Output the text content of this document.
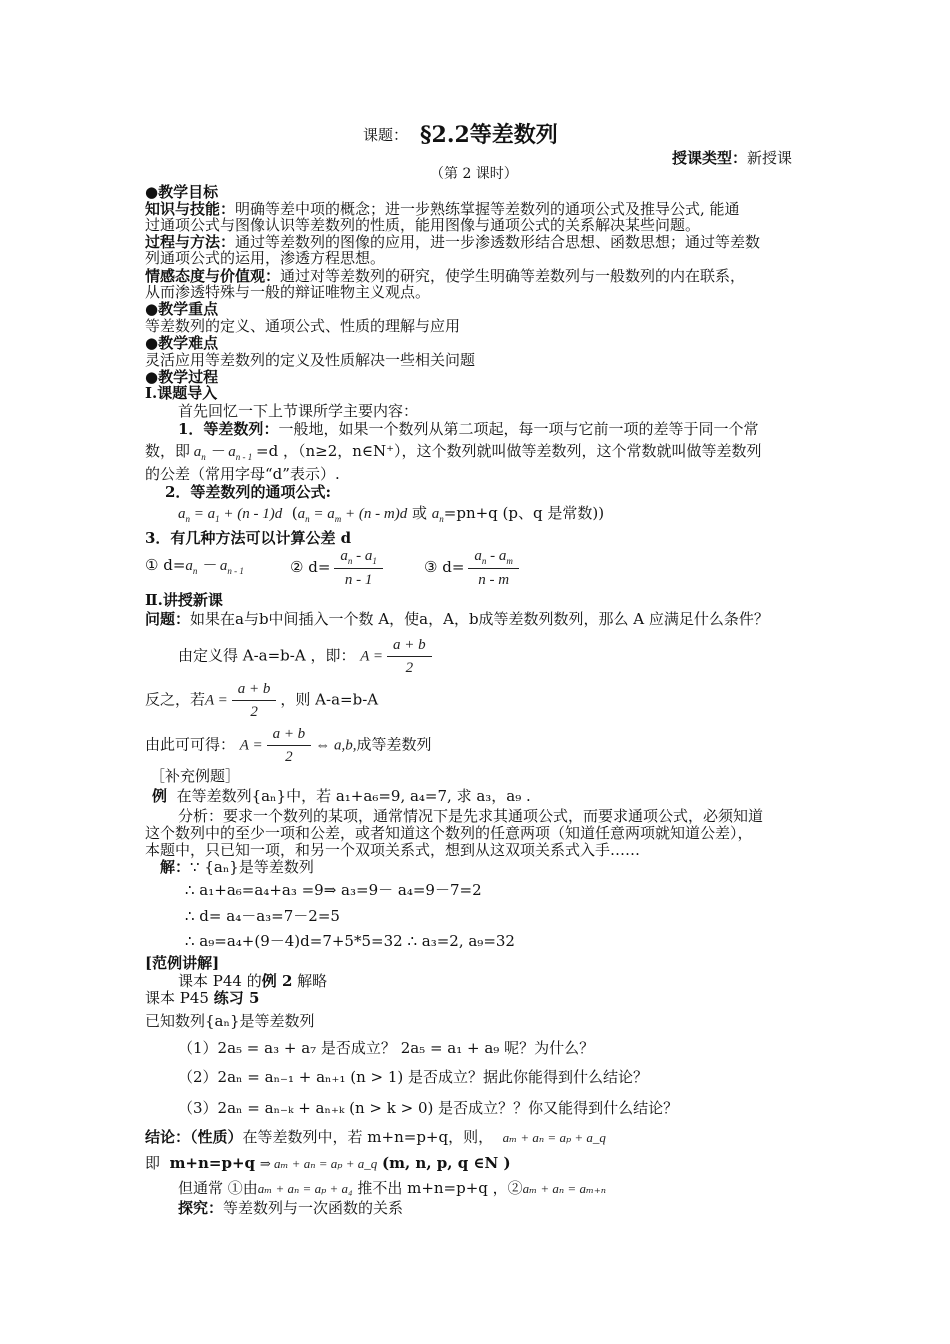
课题： §2.2等差数列
授课类型：新授课
（第 2 课时）
●教学目标
知识与技能：明确等差中项的概念；进一步熟练掌握等差数列的通项公式及推导公式, 能通
过通项公式与图像认识等差数列的性质，能用图像与通项公式的关系解决某些问题。
过程与方法：通过等差数列的图像的应用，进一步渗透数形结合思想、函数思想；通过等差数
列通项公式的运用，渗透方程思想。
情感态度与价值观：通过对等差数列的研究，使学生明确等差数列与一般数列的内在联系，
从而渗透特殊与一般的辩证唯物主义观点。
●教学重点
等差数列的定义、通项公式、性质的理解与应用
●教学难点
灵活应用等差数列的定义及性质解决一些相关问题
●教学过程
Ⅰ.课题导入
首先回忆一下上节课所学主要内容：
1．等差数列：一般地，如果一个数列从第二项起，每一项与它前一项的差等于同一个常
数，即 $a_n - a_{n - 1} =d$ ，（n≥2，n∈N⁺），这个数列就叫做等差数列，这个常数就叫做等差数列
的公差（常用字母“d”表示）.
2．等差数列的通项公式:
$a_n = a_1 + (n - 1)d$  ($a_n = a_m + (n - m)d$ 或 $a_n=pn+q$ (p、q 是常数))
3．有几种方法可以计算公差 d
① $d=a_n - a_{n - 1}$	② $d= \frac{a_n - a_1}{n - 1}$	③ $d= \frac{a_n - a_m}{n - m}$
Ⅱ.讲授新课
问题：如果在a与b中间插入一个数 A，使a，A，b成等差数列数列，那么 A 应满足什么条件？
由定义得 A-a=b-A ，即： $A = \frac{a + b}{2}$
反之，若$A = \frac{a + b}{2}$ ，则 A-a=b-A
由此可可得： $A = \frac{a + b}{2}$ ⇔ a,b,成等差数列
［补充例题］
例 在等差数列{aₙ}中，若 a₁+a₆=9, a₄=7, 求 a₃，a₉ .
分析：要求一个数列的某项，通常情况下是先求其通项公式，而要求通项公式，必须知道
这个数列中的至少一项和公差，或者知道这个数列的任意两项（知道任意两项就知道公差），
本题中，只已知一项，和另一个双项关系式，想到从这双项关系式入手……
解：∵ {aₙ}是等差数列
∴ a₁+a₆=a₄+a₃ =9⇒ a₃=9－ a₄=9－7=2
∴ d= a₄－a₃=7－2=5
∴ a₉=a₄+(9－4)d=7+5*5=32 ∴ a₃=2, a₉=32
[范例讲解]
课本 P44 的例 2 解略
课本 P45 练习 5
已知数列{aₙ}是等差数列
（1）2a₅ = a₃ + a₇ 是否成立？ 2a₅ = a₁ + a₉ 呢？为什么？
（2）2aₙ = aₙ₋₁ + aₙ₊₁ (n > 1) 是否成立？据此你能得到什么结论？
（3）2aₙ = aₙ₋ₖ + aₙ₊ₖ (n > k > 0) 是否成立？？你又能得到什么结论？
结论：（性质）在等差数列中，若 m+n=p+q，则， aₘ + aₙ = aₚ + a_q
即 m+n=p+q ⇒ aₘ + aₙ = aₚ + a_q (m, n, p, q ∈N )
但通常 ①由aₘ + aₙ = aₚ + a₄ 推不出 m+n=p+q ，②aₘ + aₙ = aₘ₊ₙ
探究：等差数列与一次函数的关系
